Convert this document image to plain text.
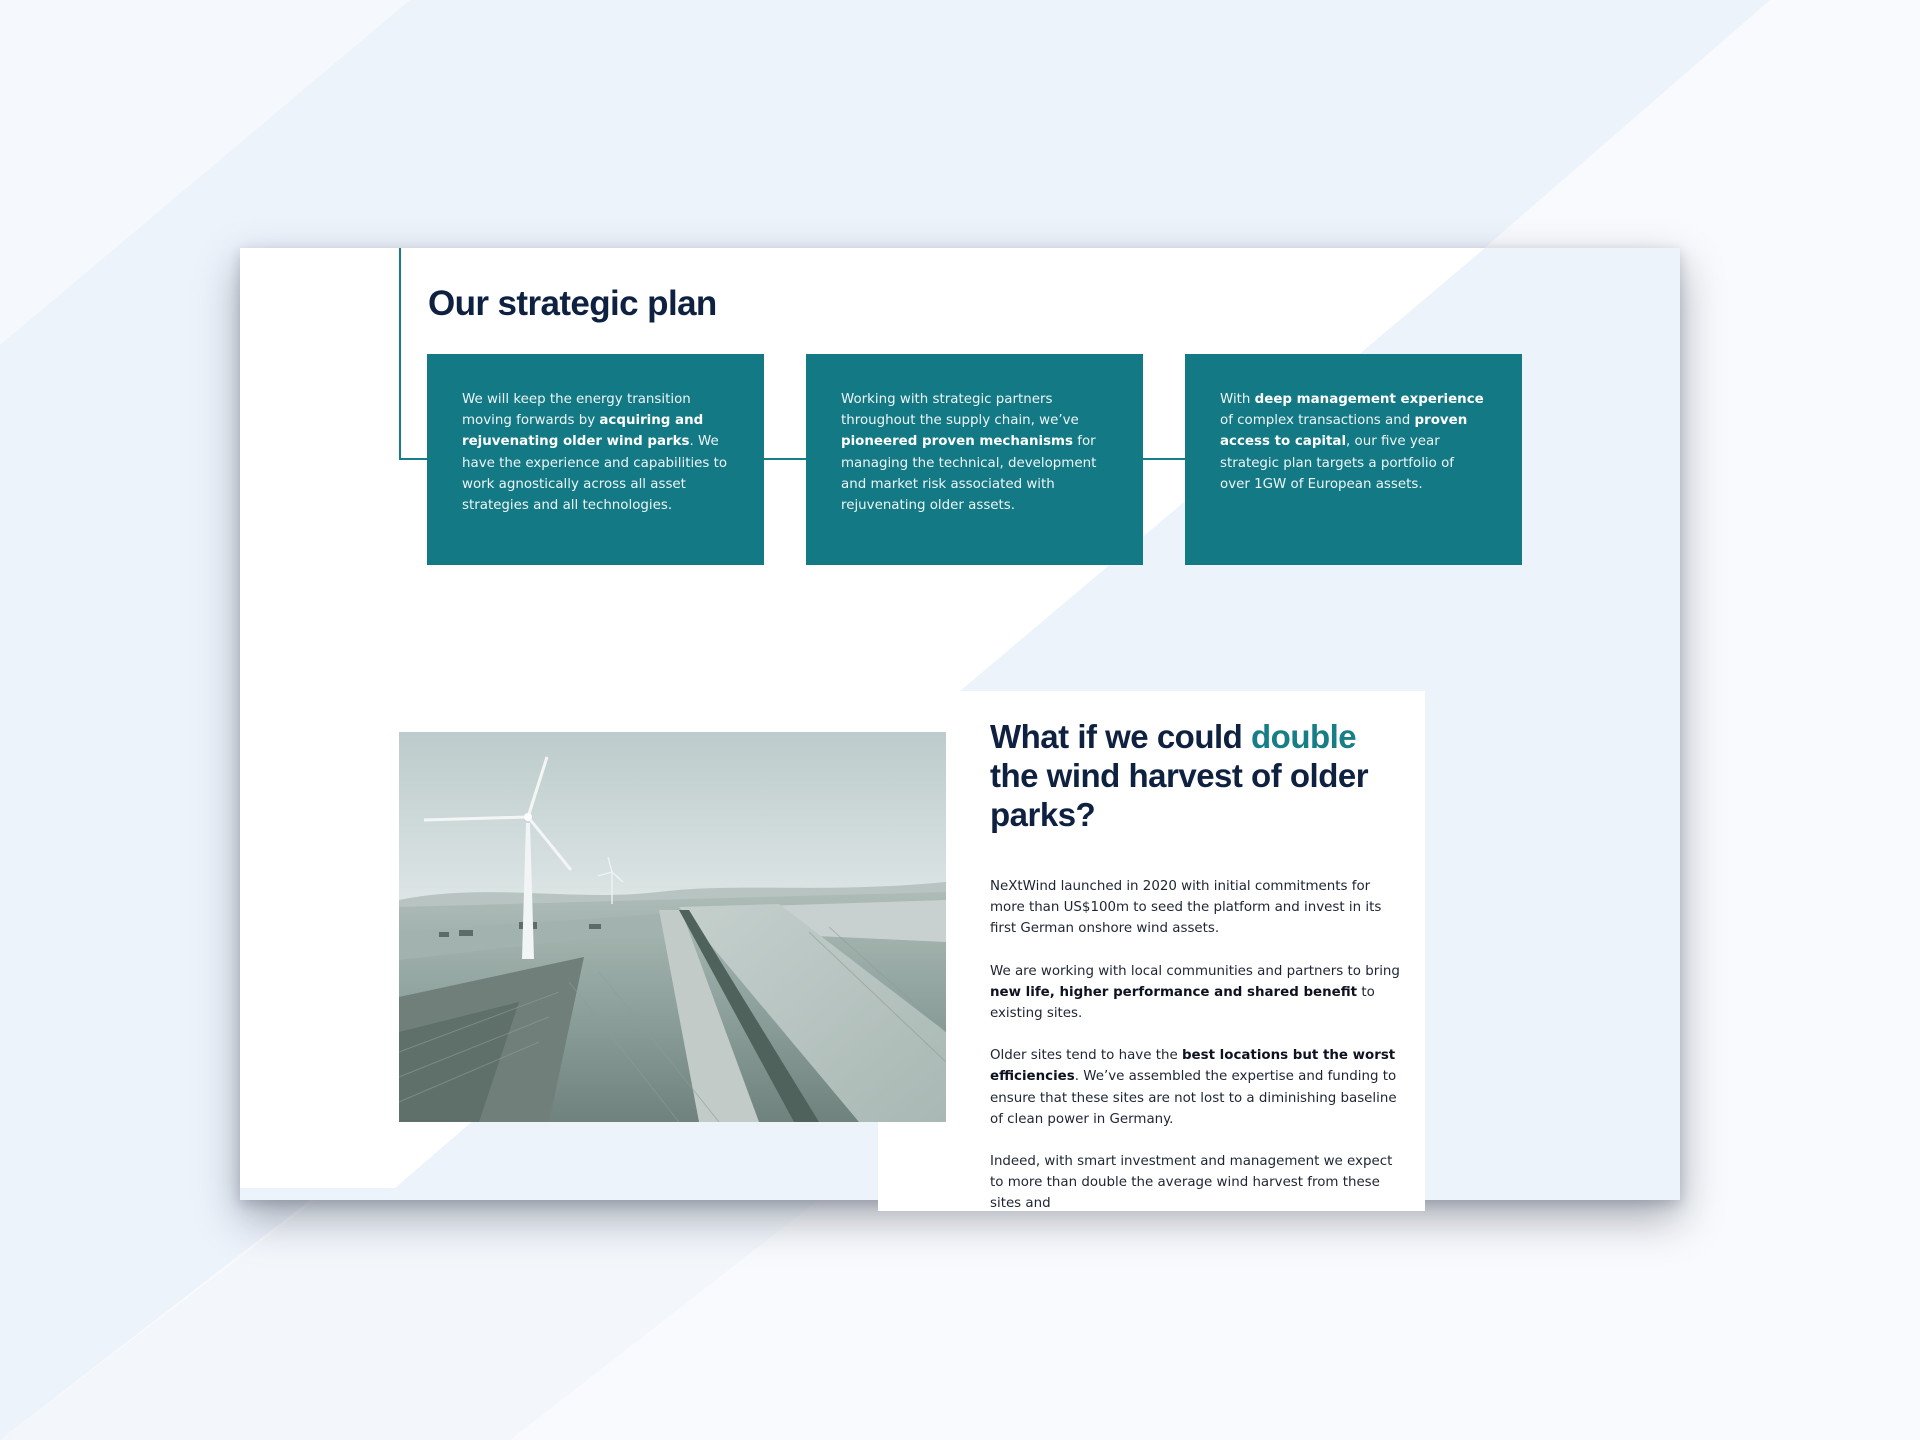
Our strategic plan
We will keep the energy transition moving forwards by acquiring and rejuvenating older wind parks. We have the experience and capabilities to work agnostically across all asset strategies and all technologies.
Working with strategic partners throughout the supply chain, we’ve pioneered proven mechanisms for managing the technical, development and market risk associated with rejuvenating older assets.
With deep management experience of complex transactions and proven access to capital, our five year strategic plan targets a portfolio of over 1GW of European assets.
What if we could double the wind harvest of older parks?

NeXtWind launched in 2020 with initial commitments for more than US$100m to seed the platform and invest in its first German onshore wind assets.

We are working with local communities and partners to bring new life, higher performance and shared benefit to existing sites.

Older sites tend to have the best locations but the worst efficiencies. We’ve assembled the expertise and funding to ensure that these sites are not lost to a diminishing baseline of clean power in Germany.

Indeed, with smart investment and management we expect to more than double the average wind harvest from these sites and
